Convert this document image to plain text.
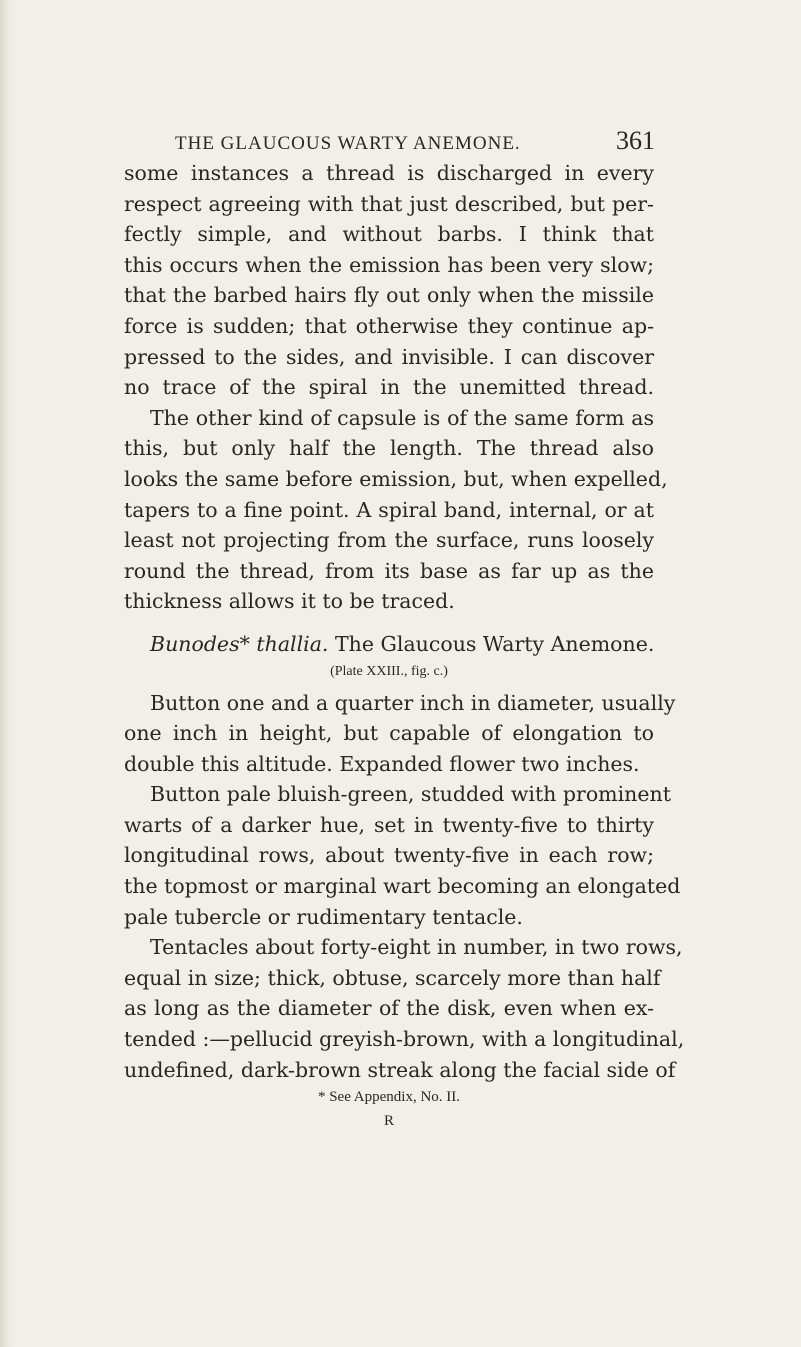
THE GLAUCOUS WARTY ANEMONE.	361
some instances a thread is discharged in every
respect agreeing with that just described, but per-
fectly simple, and without barbs. I think that
this occurs when the emission has been very slow;
that the barbed hairs fly out only when the missile
force is sudden; that otherwise they continue ap-
pressed to the sides, and invisible. I can discover
no trace of the spiral in the unemitted thread.
The other kind of capsule is of the same form as
this, but only half the length. The thread also
looks the same before emission, but, when expelled,
tapers to a fine point. A spiral band, internal, or at
least not projecting from the surface, runs loosely
round the thread, from its base as far up as the
thickness allows it to be traced.
Bunodes* thallia. The Glaucous Warty Anemone.
(Plate XXIII., fig. c.)
Button one and a quarter inch in diameter, usually
one inch in height, but capable of elongation to
double this altitude. Expanded flower two inches.
Button pale bluish-green, studded with prominent
warts of a darker hue, set in twenty-five to thirty
longitudinal rows, about twenty-five in each row;
the topmost or marginal wart becoming an elongated
pale tubercle or rudimentary tentacle.
Tentacles about forty-eight in number, in two rows,
equal in size; thick, obtuse, scarcely more than half
as long as the diameter of the disk, even when ex-
tended :—pellucid greyish-brown, with a longitudinal,
undefined, dark-brown streak along the facial side of
* See Appendix, No. II.
R
